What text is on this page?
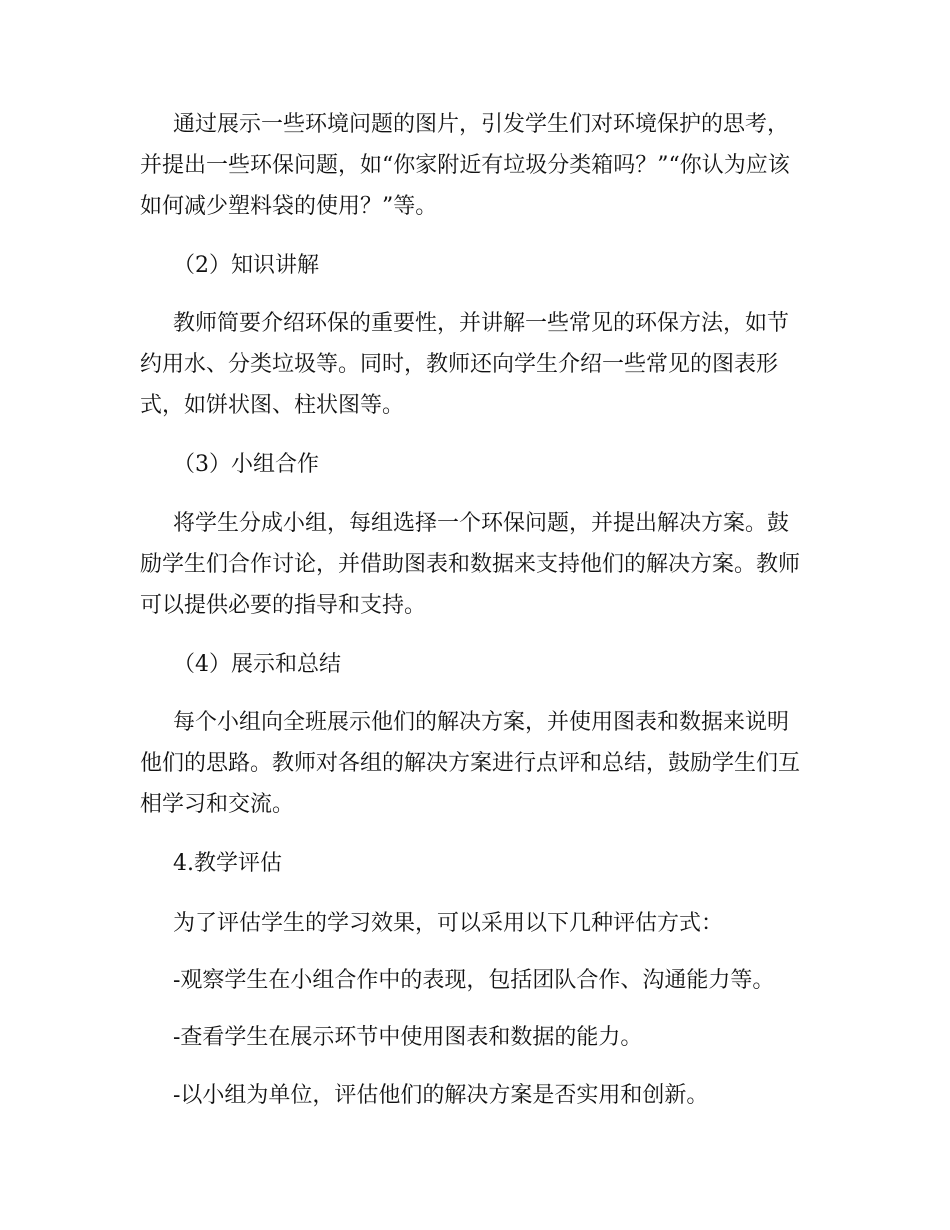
通过展示一些环境问题的图片，引发学生们对环境保护的思考，并提出一些环保问题，如“你家附近有垃圾分类箱吗？”“你认为应该如何减少塑料袋的使用？”等。

（2）知识讲解

教师简要介绍环保的重要性，并讲解一些常见的环保方法，如节约用水、分类垃圾等。同时，教师还向学生介绍一些常见的图表形式，如饼状图、柱状图等。

（3）小组合作

将学生分成小组，每组选择一个环保问题，并提出解决方案。鼓励学生们合作讨论，并借助图表和数据来支持他们的解决方案。教师可以提供必要的指导和支持。

（4）展示和总结

每个小组向全班展示他们的解决方案，并使用图表和数据来说明他们的思路。教师对各组的解决方案进行点评和总结，鼓励学生们互相学习和交流。

4.教学评估

为了评估学生的学习效果，可以采用以下几种评估方式：

-观察学生在小组合作中的表现，包括团队合作、沟通能力等。

-查看学生在展示环节中使用图表和数据的能力。

-以小组为单位，评估他们的解决方案是否实用和创新。
